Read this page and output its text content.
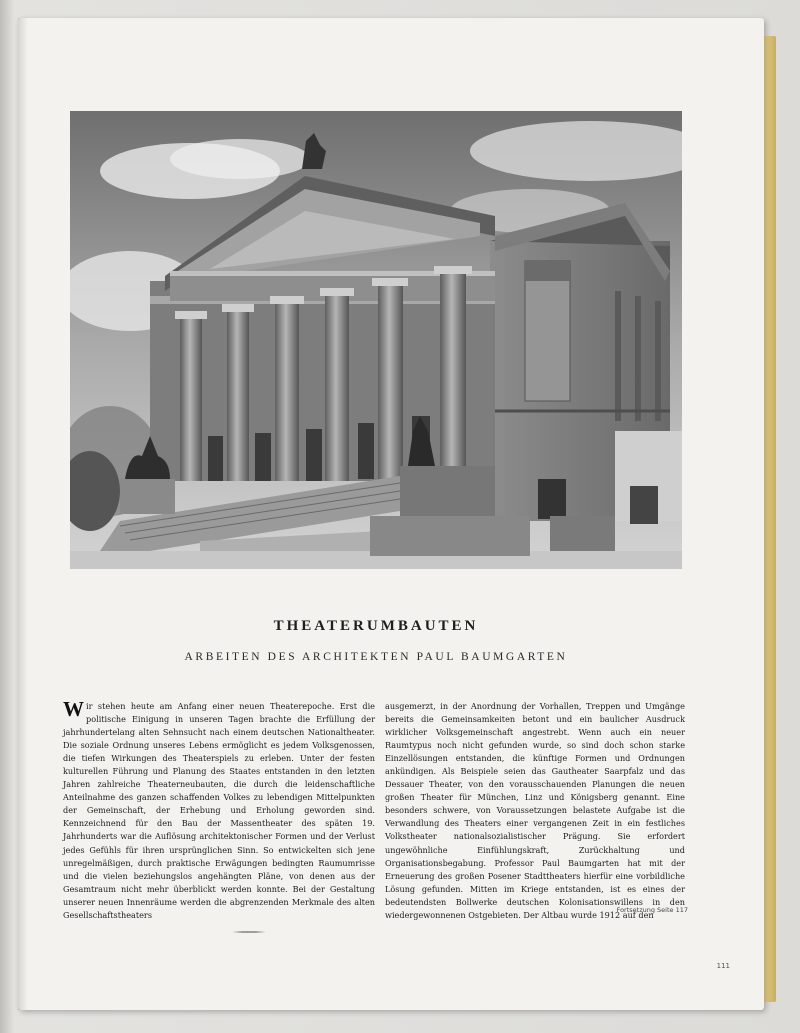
THEATERUMBAUTEN
ARBEITEN DES ARCHITEKTEN PAUL BAUMGARTEN

Wir stehen heute am Anfang einer neuen Theaterepoche. Erst die politische Einigung in unseren Tagen brachte die Erfüllung der jahrhundertelang alten Sehnsucht nach einem deutschen Nationaltheater. Die soziale Ordnung unseres Lebens ermöglicht es jedem Volksgenossen, die tiefen Wirkungen des Theaterspiels zu erleben. Unter der festen kulturellen Führung und Planung des Staates entstanden in den letzten Jahren zahlreiche Theaterneubauten, die durch die leidenschaftliche Anteilnahme des ganzen schaffenden Volkes zu lebendigen Mittelpunkten der Gemeinschaft, der Erhebung und Erholung geworden sind. Kennzeichnend für den Bau der Massentheater des späten 19. Jahrhunderts war die Auflösung architektonischer Formen und der Verlust jedes Gefühls für ihren ursprünglichen Sinn. So entwickelten sich jene unregelmäßigen, durch praktische Erwägungen bedingten Raumumrisse und die vielen beziehungslos angehängten Pläne, von denen aus der Gesamtraum nicht mehr überblickt werden konnte. Bei der Gestaltung unserer neuen Innenräume werden die abgrenzenden Merkmale des alten Gesellschaftstheaters

ausgemerzt, in der Anordnung der Vorhallen, Treppen und Umgänge bereits die Gemeinsamkeiten betont und ein baulicher Ausdruck wirklicher Volksgemeinschaft angestrebt. Wenn auch ein neuer Raumtypus noch nicht gefunden wurde, so sind doch schon starke Einzellösungen entstanden, die künftige Formen und Ordnungen ankündigen. Als Beispiele seien das Gautheater Saarpfalz und das Dessauer Theater, von den vorausschauenden Planungen die neuen großen Theater für München, Linz und Königsberg genannt. Eine besonders schwere, von Voraussetzungen belastete Aufgabe ist die Verwandlung des Theaters einer vergangenen Zeit in ein festliches Volkstheater nationalsozialistischer Prägung. Sie erfordert ungewöhnliche Einfühlungskraft, Zurückhaltung und Organisationsbegabung. Professor Paul Baumgarten hat mit der Erneuerung des großen Posener Stadttheaters hierfür eine vorbildliche Lösung gefunden. Mitten im Kriege entstanden, ist es eines der bedeutendsten Bollwerke deutschen Kolonisationswillens in den wiedergewonnenen Ostgebieten. Der Altbau wurde 1912 auf den

Fortsetzung Seite 117
111
